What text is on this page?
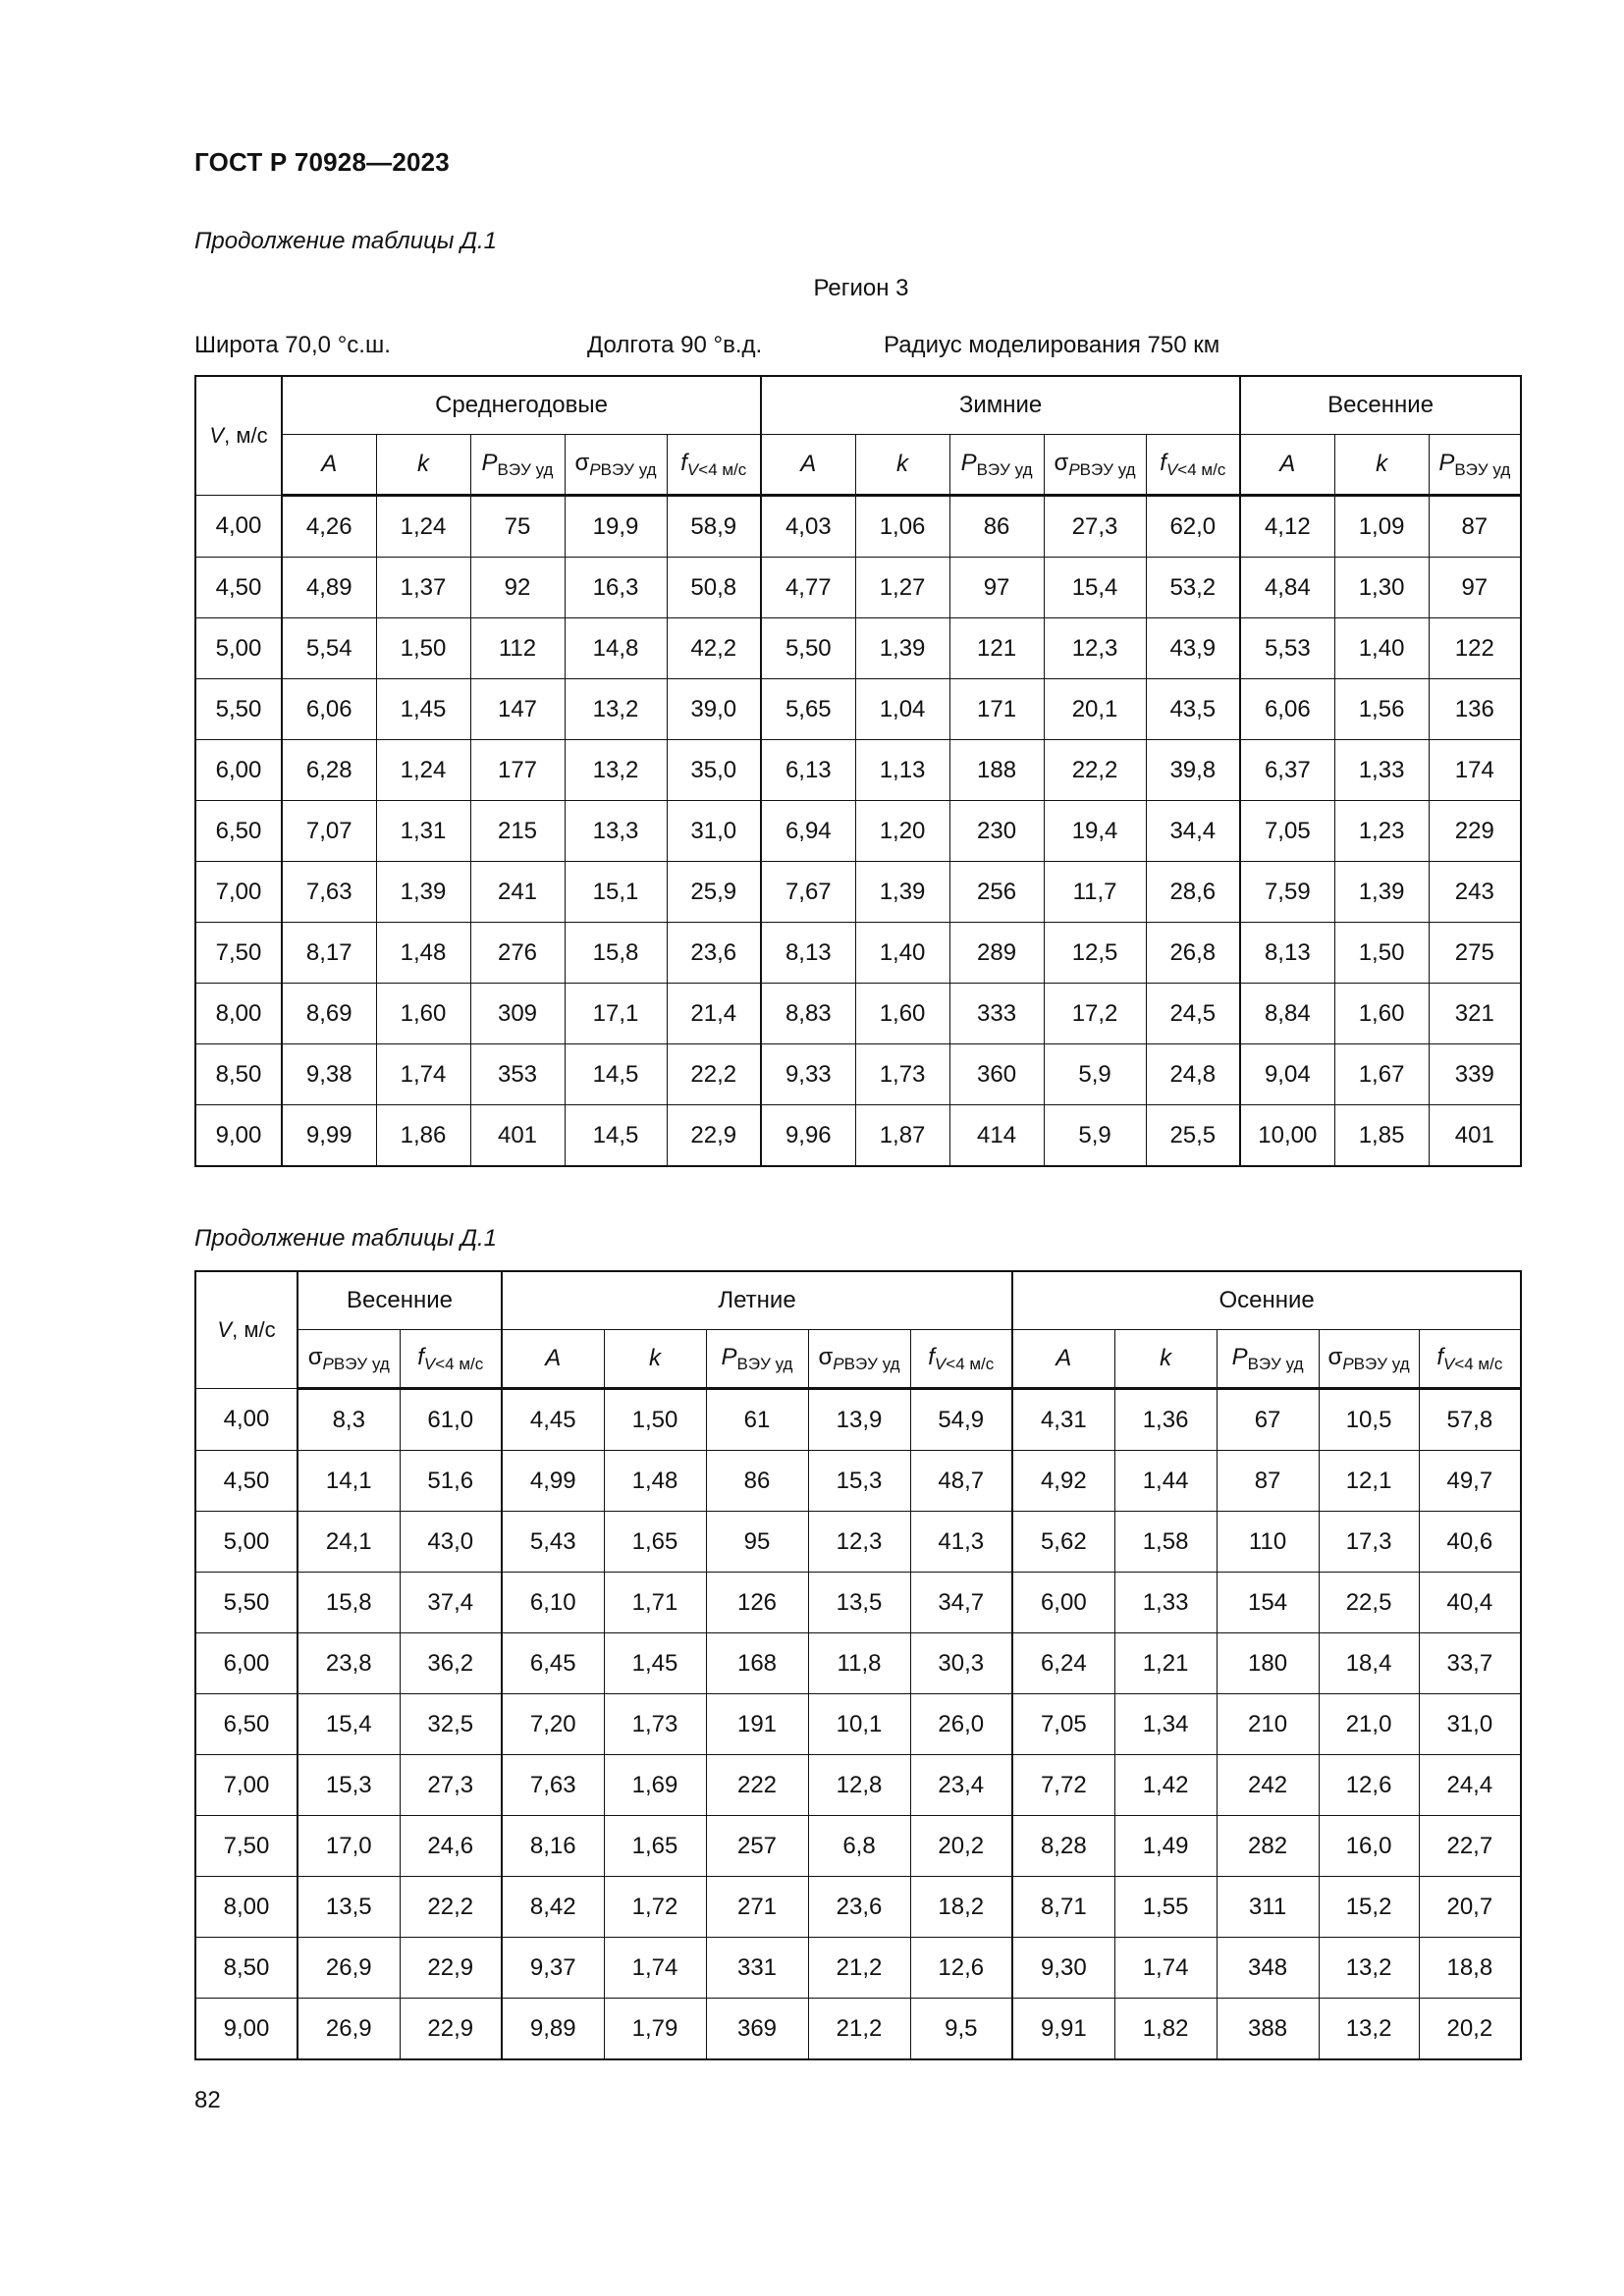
ГОСТ Р 70928—2023
Продолжение таблицы Д.1
Регион 3
Широта 70,0 °с.ш.	Долгота 90 °в.д.	Радиус моделирования 750 км
V, м/с	Среднегодовые					Зимние					Весенние		
	A	k	$P_{ВЭУ уд}$	$\sigma_{PВЭУ уд}$	$f_{V<4 м/с}$	A	k	$P_{ВЭУ уд}$	$\sigma_{PВЭУ уд}$	$f_{V<4 м/с}$	A	k	$P_{ВЭУ уд}$
4,00	4,26	1,24	75	19,9	58,9	4,03	1,06	86	27,3	62,0	4,12	1,09	87
4,50	4,89	1,37	92	16,3	50,8	4,77	1,27	97	15,4	53,2	4,84	1,30	97
5,00	5,54	1,50	112	14,8	42,2	5,50	1,39	121	12,3	43,9	5,53	1,40	122
5,50	6,06	1,45	147	13,2	39,0	5,65	1,04	171	20,1	43,5	6,06	1,56	136
6,00	6,28	1,24	177	13,2	35,0	6,13	1,13	188	22,2	39,8	6,37	1,33	174
6,50	7,07	1,31	215	13,3	31,0	6,94	1,20	230	19,4	34,4	7,05	1,23	229
7,00	7,63	1,39	241	15,1	25,9	7,67	1,39	256	11,7	28,6	7,59	1,39	243
7,50	8,17	1,48	276	15,8	23,6	8,13	1,40	289	12,5	26,8	8,13	1,50	275
8,00	8,69	1,60	309	17,1	21,4	8,83	1,60	333	17,2	24,5	8,84	1,60	321
8,50	9,38	1,74	353	14,5	22,2	9,33	1,73	360	5,9	24,8	9,04	1,67	339
9,00	9,99	1,86	401	14,5	22,9	9,96	1,87	414	5,9	25,5	10,00	1,85	401
Продолжение таблицы Д.1
V, м/с	Весенние		Летние					Осенние				
	$\sigma_{PВЭУ уд}$	$f_{V<4 м/с}$	A	k	$P_{ВЭУ уд}$	$\sigma_{PВЭУ уд}$	$f_{V<4 м/с}$	A	k	$P_{ВЭУ уд}$	$\sigma_{PВЭУ уд}$	$f_{V<4 м/с}$
4,00	8,3	61,0	4,45	1,50	61	13,9	54,9	4,31	1,36	67	10,5	57,8
4,50	14,1	51,6	4,99	1,48	86	15,3	48,7	4,92	1,44	87	12,1	49,7
5,00	24,1	43,0	5,43	1,65	95	12,3	41,3	5,62	1,58	110	17,3	40,6
5,50	15,8	37,4	6,10	1,71	126	13,5	34,7	6,00	1,33	154	22,5	40,4
6,00	23,8	36,2	6,45	1,45	168	11,8	30,3	6,24	1,21	180	18,4	33,7
6,50	15,4	32,5	7,20	1,73	191	10,1	26,0	7,05	1,34	210	21,0	31,0
7,00	15,3	27,3	7,63	1,69	222	12,8	23,4	7,72	1,42	242	12,6	24,4
7,50	17,0	24,6	8,16	1,65	257	6,8	20,2	8,28	1,49	282	16,0	22,7
8,00	13,5	22,2	8,42	1,72	271	23,6	18,2	8,71	1,55	311	15,2	20,7
8,50	26,9	22,9	9,37	1,74	331	21,2	12,6	9,30	1,74	348	13,2	18,8
9,00	26,9	22,9	9,89	1,79	369	21,2	9,5	9,91	1,82	388	13,2	20,2
82
